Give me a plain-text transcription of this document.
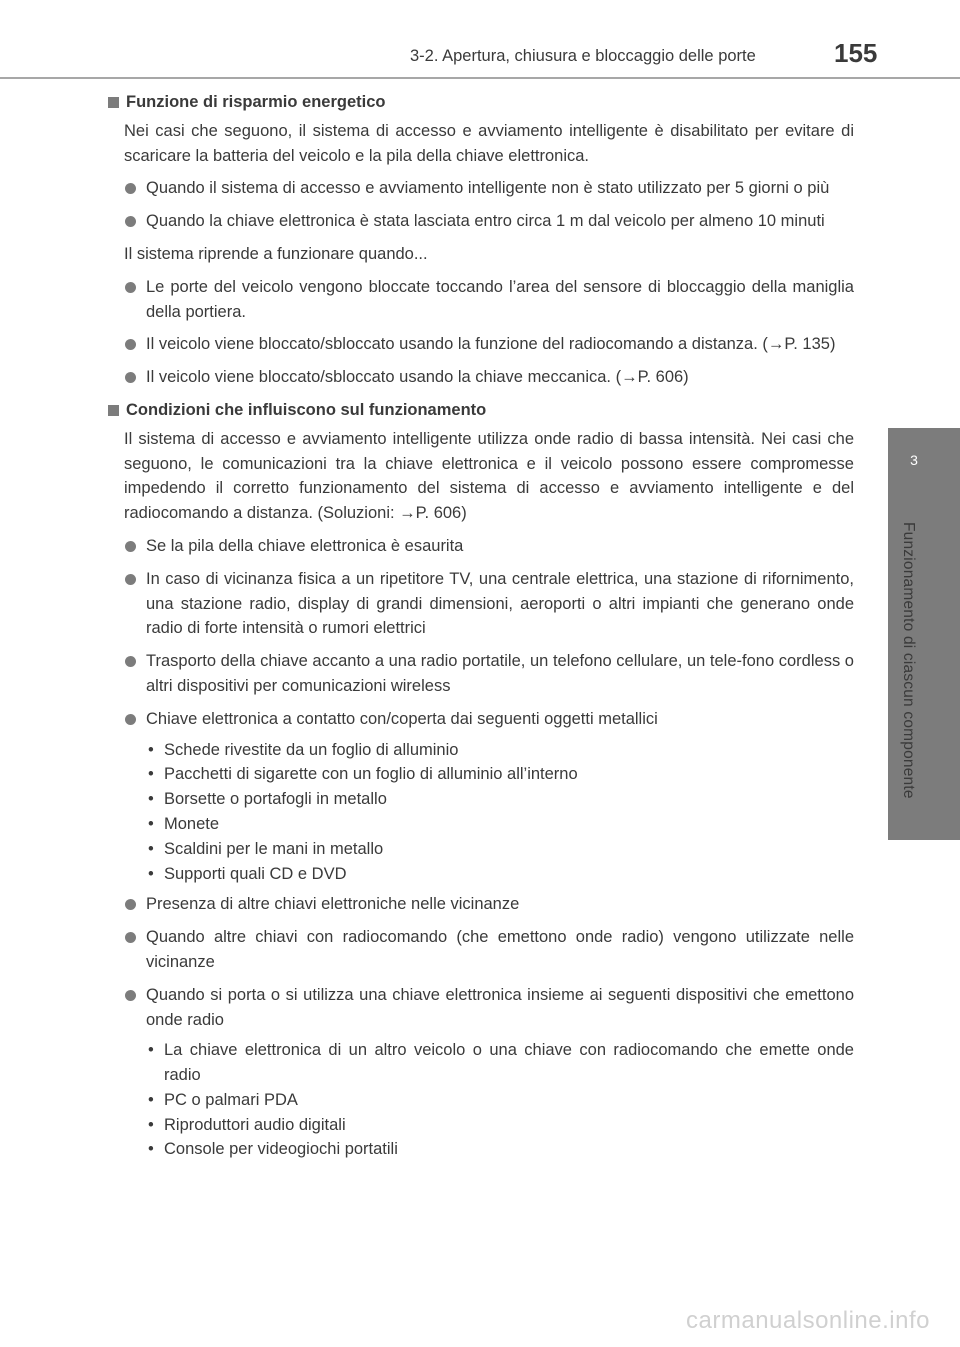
3-2. Apertura, chiusura e bloccaggio delle porte	155
3
Funzionamento di ciascun componente
Funzione di risparmio energetico

Nei casi che seguono, il sistema di accesso e avviamento intelligente è disabilitato per evitare di scaricare la batteria del veicolo e la pila della chiave elettronica.

Quando il sistema di accesso e avviamento intelligente non è stato utilizzato per 5 giorni o più
Quando la chiave elettronica è stata lasciata entro circa 1 m dal veicolo per almeno 10 minuti

Il sistema riprende a funzionare quando...

Le porte del veicolo vengono bloccate toccando l’area del sensore di bloccaggio della maniglia della portiera.
Il veicolo viene bloccato/sbloccato usando la funzione del radiocomando a distanza. (→P. 135)
Il veicolo viene bloccato/sbloccato usando la chiave meccanica. (→P. 606)
Condizioni che influiscono sul funzionamento

Il sistema di accesso e avviamento intelligente utilizza onde radio di bassa intensità. Nei casi che seguono, le comunicazioni tra la chiave elettronica e il veicolo possono essere compromesse impedendo il corretto funzionamento del sistema di accesso e avviamento intelligente e del radiocomando a distanza. (Soluzioni: →P. 606)

Se la pila della chiave elettronica è esaurita
In caso di vicinanza fisica a un ripetitore TV, una centrale elettrica, una stazione di rifornimento, una stazione radio, display di grandi dimensioni, aeroporti o altri impianti che generano onde radio di forte intensità o rumori elettrici
Trasporto della chiave accanto a una radio portatile, un telefono cellulare, un tele-fono cordless o altri dispositivi per comunicazioni wireless
Chiave elettronica a contatto con/coperta dai seguenti oggetti metallici
• Schede rivestite da un foglio di alluminio
• Pacchetti di sigarette con un foglio di alluminio all’interno
• Borsette o portafogli in metallo
• Monete
• Scaldini per le mani in metallo
• Supporti quali CD e DVD
Presenza di altre chiavi elettroniche nelle vicinanze
Quando altre chiavi con radiocomando (che emettono onde radio) vengono utilizzate nelle vicinanze
Quando si porta o si utilizza una chiave elettronica insieme ai seguenti dispositivi che emettono onde radio
• La chiave elettronica di un altro veicolo o una chiave con radiocomando che emette onde radio
• PC o palmari PDA
• Riproduttori audio digitali
• Console per videogiochi portatili
carmanualsonline.info
